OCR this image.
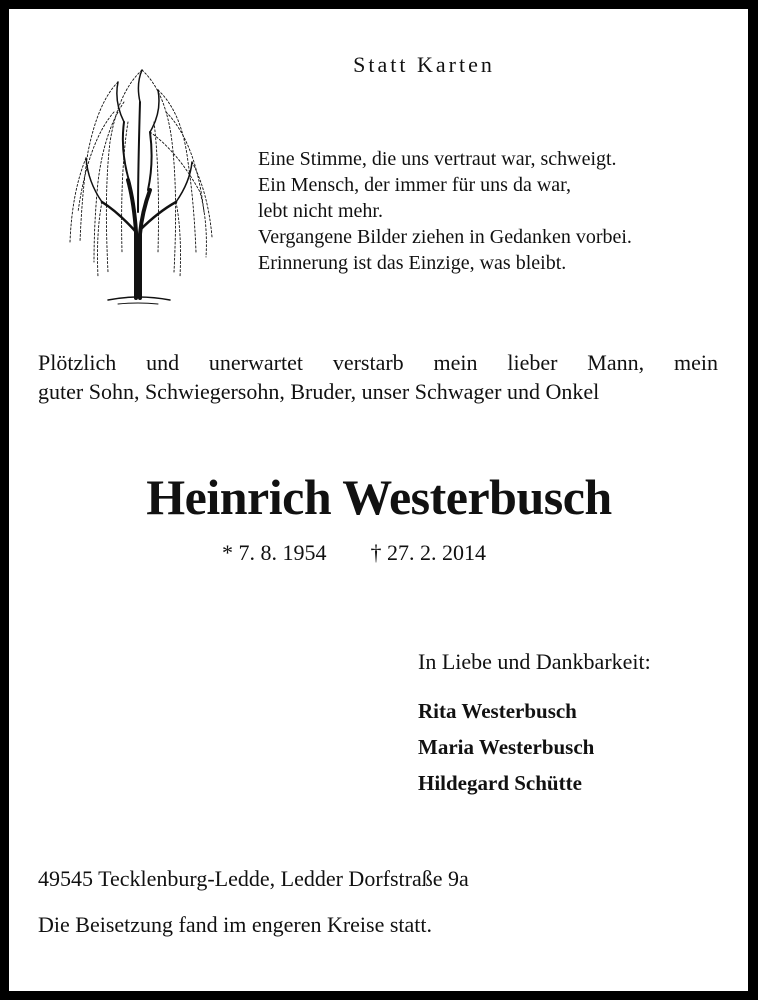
Statt Karten
Eine Stimme, die uns vertraut war, schweigt.
Ein Mensch, der immer für uns da war,
lebt nicht mehr.
Vergangene Bilder ziehen in Gedanken vorbei.
Erinnerung ist das Einzige, was bleibt.
Plötzlich und unerwartet verstarb mein lieber Mann, mein
guter Sohn, Schwiegersohn, Bruder, unser Schwager und Onkel
Heinrich Westerbusch
* 7. 8. 1954 † 27. 2. 2014
In Liebe und Dankbarkeit:
Rita Westerbusch
Maria Westerbusch
Hildegard Schütte
49545 Tecklenburg-Ledde, Ledder Dorfstraße 9a
Die Beisetzung fand im engeren Kreise statt.
